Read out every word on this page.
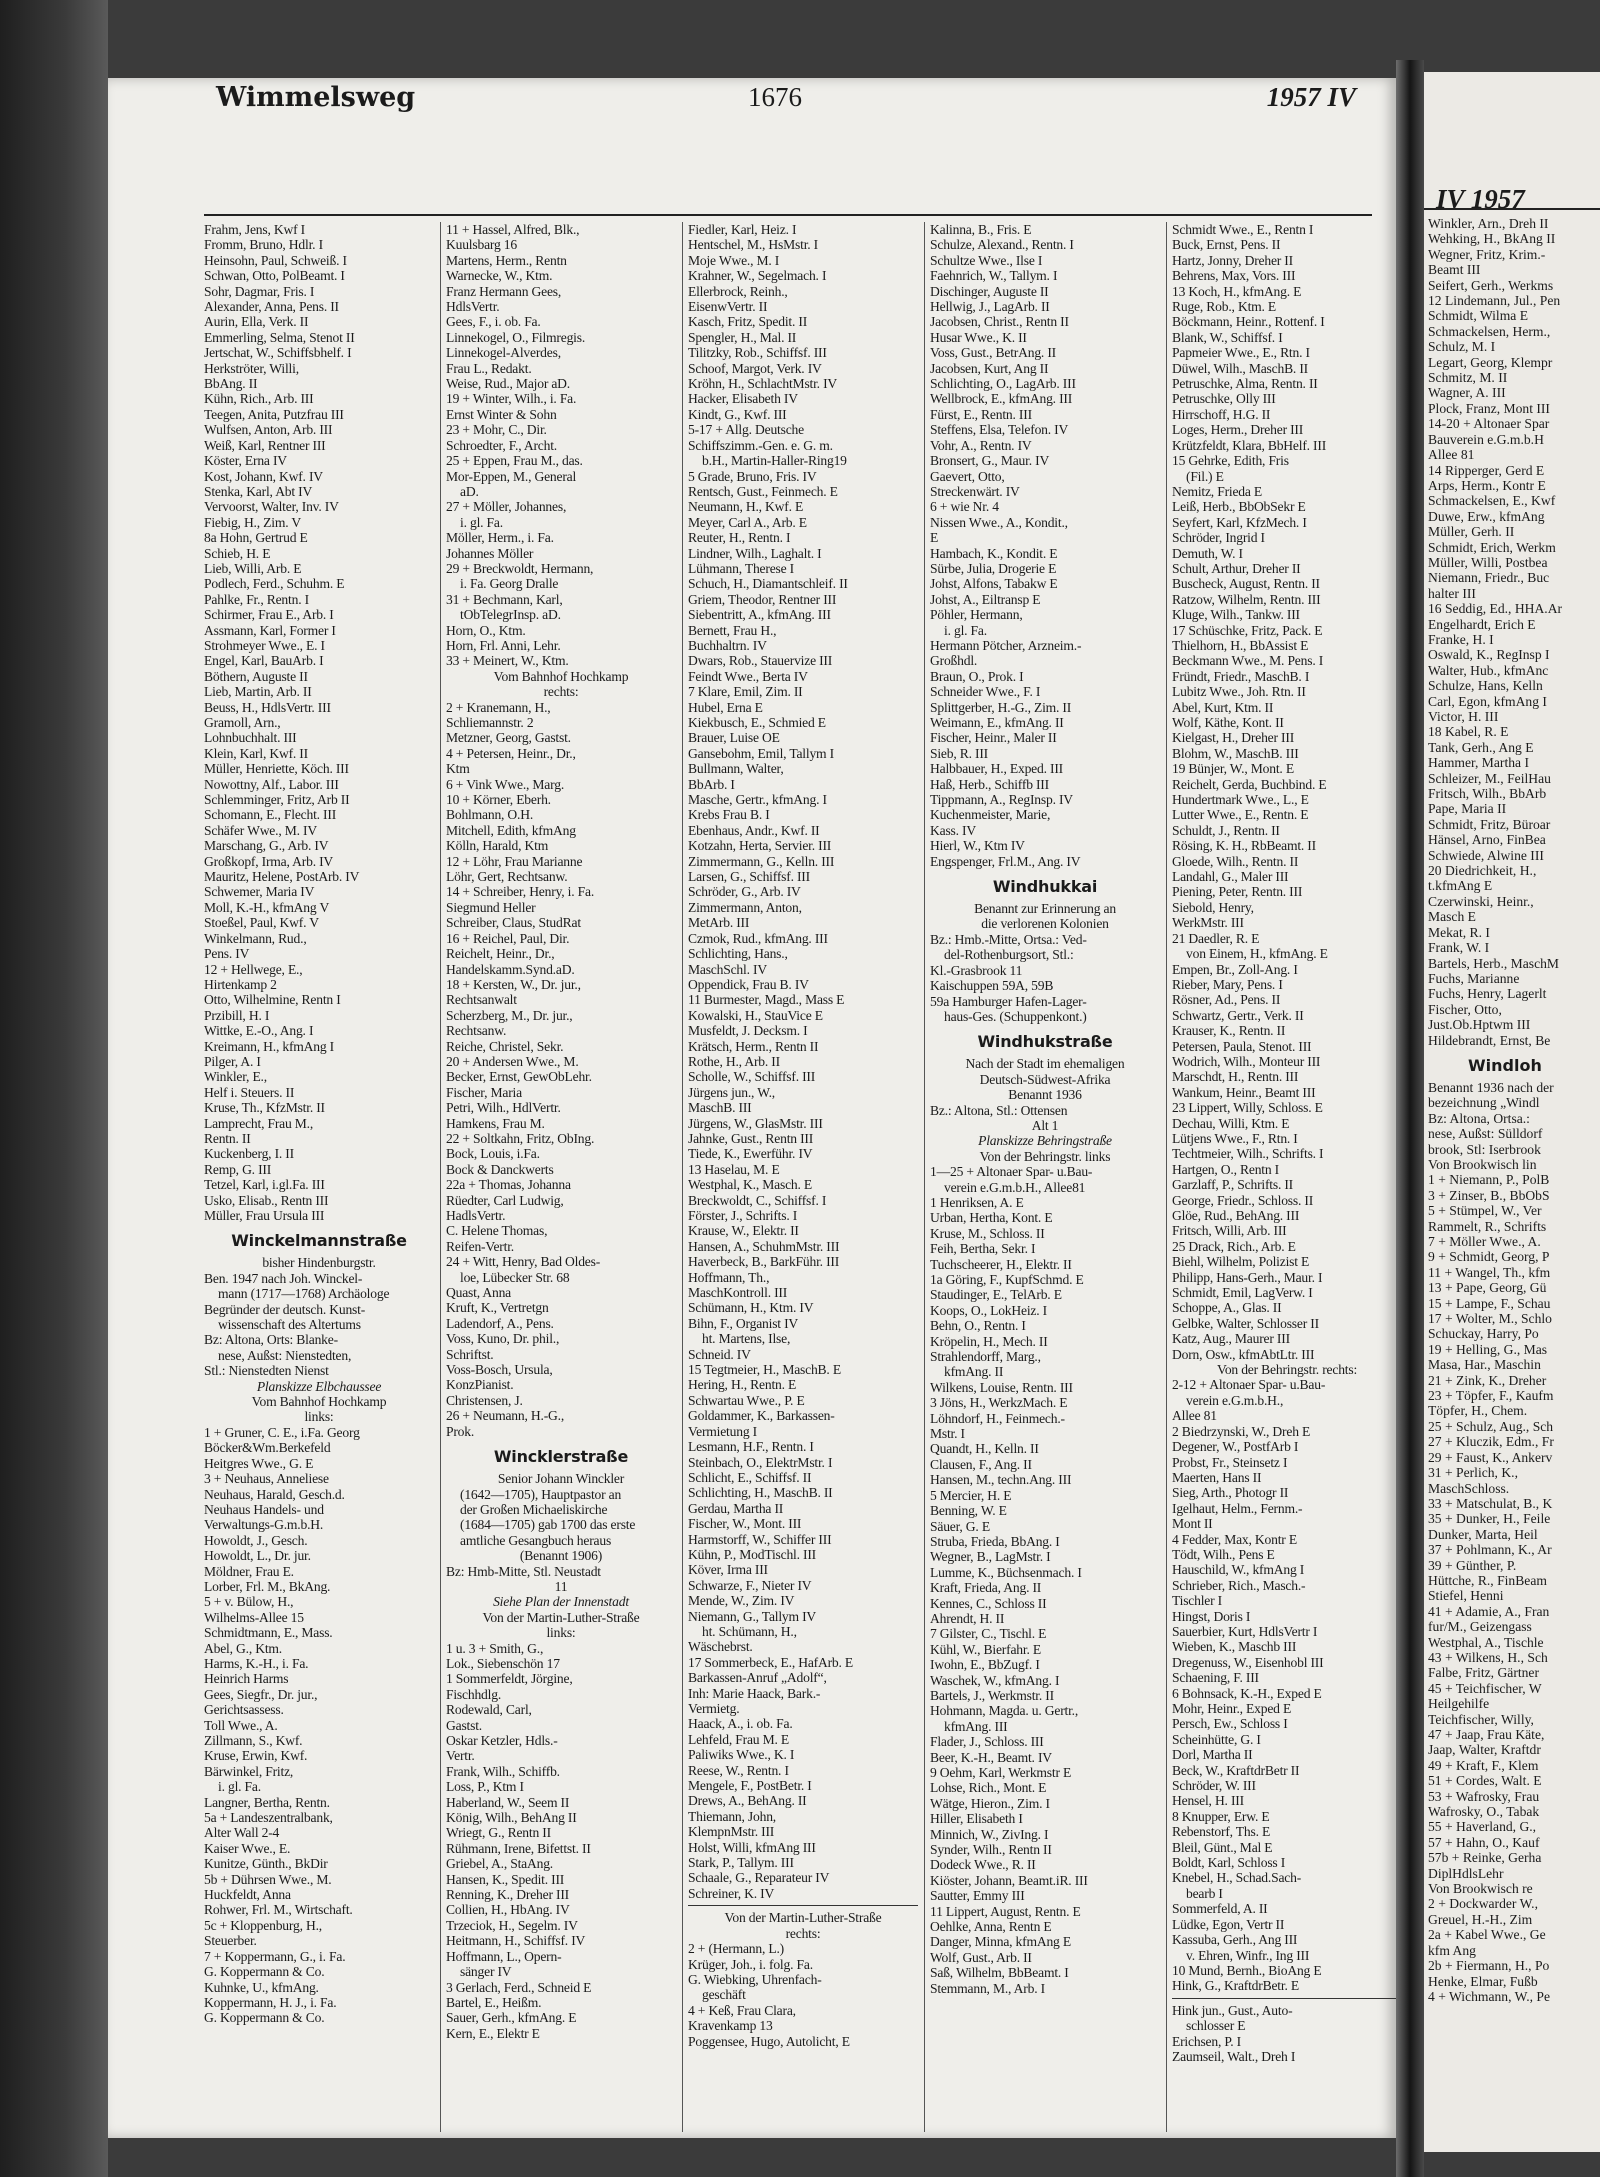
Wimmelsweg	1676	1957 IV
Frahm, Jens, Kwf I
Fromm, Bruno, Hdlr. I
Heinsohn, Paul, Schweiß. I
Schwan, Otto, PolBeamt. I
Sohr, Dagmar, Fris. I
Alexander, Anna, Pens. II
Aurin, Ella, Verk. II
Emmerling, Selma, Stenot II
Jertschat, W., Schiffsbhelf. I
Herkströter, Willi,
BbAng. II
Kühn, Rich., Arb. III
Teegen, Anita, Putzfrau III
Wulfsen, Anton, Arb. III
Weiß, Karl, Rentner III
Köster, Erna IV
Kost, Johann, Kwf. IV
Stenka, Karl, Abt IV
Vervoorst, Walter, Inv. IV
Fiebig, H., Zim. V
8a Hohn, Gertrud E
Schieb, H. E
Lieb, Willi, Arb. E
Podlech, Ferd., Schuhm. E
Pahlke, Fr., Rentn. I
Schirmer, Frau E., Arb. I
Assmann, Karl, Former I
Strohmeyer Wwe., E. I
Engel, Karl, BauArb. I
Böthern, Auguste II
Lieb, Martin, Arb. II
Beuss, H., HdlsVertr. III
Gramoll, Arn.,
Lohnbuchhalt. III
Klein, Karl, Kwf. II
Müller, Henriette, Köch. III
Nowottny, Alf., Labor. III
Schlemminger, Fritz, Arb II
Schomann, E., Flecht. III
Schäfer Wwe., M. IV
Marschang, G., Arb. IV
Großkopf, Irma, Arb. IV
Mauritz, Helene, PostArb. IV
Schwemer, Maria IV
Moll, K.-H., kfmAng V
Stoeßel, Paul, Kwf. V
Winkelmann, Rud.,
Pens. IV
12 + Hellwege, E.,
Hirtenkamp 2
Otto, Wilhelmine, Rentn I
Przibill, H. I
Wittke, E.-O., Ang. I
Kreimann, H., kfmAng I
Pilger, A. I
Winkler, E.,
Helf i. Steuers. II
Kruse, Th., KfzMstr. II
Lamprecht, Frau M.,
Rentn. II
Kuckenberg, I. II
Remp, G. III
Tetzel, Karl, i.gl.Fa. III
Usko, Elisab., Rentn III
Müller, Frau Ursula III
Winckelmannstraße
bisher Hindenburgstr.
Ben. 1947 nach Joh. Winckel-
mann (1717—1768) Archäologe
Begründer der deutsch. Kunst-
wissenschaft des Altertums
Bz: Altona, Orts: Blanke-
nese, Außst: Nienstedten,
Stl.: Nienstedten Nienst
Planskizze Elbchaussee
Vom Bahnhof Hochkamp
links:
1 + Gruner, C. E., i.Fa. Georg
Böcker&Wm.Berkefeld
Heitgres Wwe., G. E
3 + Neuhaus, Anneliese
Neuhaus, Harald, Gesch.d.
Neuhaus Handels- und
Verwaltungs-G.m.b.H.
Howoldt, J., Gesch.
Howoldt, L., Dr. jur.
Möldner, Frau E.
Lorber, Frl. M., BkAng.
5 + v. Bülow, H.,
Wilhelms-Allee 15
Schmidtmann, E., Mass.
Abel, G., Ktm.
Harms, K.-H., i. Fa.
Heinrich Harms
Gees, Siegfr., Dr. jur.,
Gerichtsassess.
Toll Wwe., A.
Zillmann, S., Kwf.
Kruse, Erwin, Kwf.
Bärwinkel, Fritz,
i. gl. Fa.
Langner, Bertha, Rentn.
5a + Landeszentralbank,
Alter Wall 2-4
Kaiser Wwe., E.
Kunitze, Günth., BkDir
5b + Dührsen Wwe., M.
Huckfeldt, Anna
Rohwer, Frl. M., Wirtschaft.
5c + Kloppenburg, H.,
Steuerber.
7 + Koppermann, G., i. Fa.
G. Koppermann & Co.
Kuhnke, U., kfmAng.
Koppermann, H. J., i. Fa.
G. Koppermann & Co.
11 + Hassel, Alfred, Blk.,
Kuulsbarg 16
Martens, Herm., Rentn
Warnecke, W., Ktm.
Franz Hermann Gees,
HdlsVertr.
Gees, F., i. ob. Fa.
Linnekogel, O., Filmregis.
Linnekogel-Alverdes,
Frau L., Redakt.
Weise, Rud., Major aD.
19 + Winter, Wilh., i. Fa.
Ernst Winter & Sohn
23 + Mohr, C., Dir.
Schroedter, F., Archt.
25 + Eppen, Frau M., das.
Mor-Eppen, M., General
aD.
27 + Möller, Johannes,
i. gl. Fa.
Möller, Herm., i. Fa.
Johannes Möller
29 + Breckwoldt, Hermann,
i. Fa. Georg Dralle
31 + Bechmann, Karl,
tObTelegrInsp. aD.
Horn, O., Ktm.
Horn, Frl. Anni, Lehr.
33 + Meinert, W., Ktm.
Vom Bahnhof Hochkamp
rechts:
2 + Kranemann, H.,
Schliemannstr. 2
Metzner, Georg, Gastst.
4 + Petersen, Heinr., Dr.,
Ktm
6 + Vink Wwe., Marg.
10 + Körner, Eberh.
Bohlmann, O.H.
Mitchell, Edith, kfmAng
Kölln, Harald, Ktm
12 + Löhr, Frau Marianne
Löhr, Gert, Rechtsanw.
14 + Schreiber, Henry, i. Fa.
Siegmund Heller
Schreiber, Claus, StudRat
16 + Reichel, Paul, Dir.
Reichelt, Heinr., Dr.,
Handelskamm.Synd.aD.
18 + Kersten, W., Dr. jur.,
Rechtsanwalt
Scherzberg, M., Dr. jur.,
Rechtsanw.
Reiche, Christel, Sekr.
20 + Andersen Wwe., M.
Becker, Ernst, GewObLehr.
Fischer, Maria
Petri, Wilh., HdlVertr.
Hamkens, Frau M.
22 + Soltkahn, Fritz, ObIng.
Bock, Louis, i.Fa.
Bock & Danckwerts
22a + Thomas, Johanna
Rüedter, Carl Ludwig,
HadlsVertr.
C. Helene Thomas,
Reifen-Vertr.
24 + Witt, Henry, Bad Oldes-
loe, Lübecker Str. 68
Quast, Anna
Kruft, K., Vertretgn
Ladendorf, A., Pens.
Voss, Kuno, Dr. phil.,
Schriftst.
Voss-Bosch, Ursula,
KonzPianist.
Christensen, J.
26 + Neumann, H.-G.,
Prok.
Wincklerstraße
Senior Johann Winckler
(1642—1705), Hauptpastor an
der Großen Michaeliskirche
(1684—1705) gab 1700 das erste
amtliche Gesangbuch heraus
(Benannt 1906)
Bz: Hmb-Mitte, Stl. Neustadt
11
Siehe Plan der Innenstadt
Von der Martin-Luther-Straße
links:
1 u. 3 + Smith, G.,
Lok., Siebenschön 17
1 Sommerfeldt, Jörgine,
Fischhdlg.
Rodewald, Carl,
Gastst.
Oskar Ketzler, Hdls.-
Vertr.
Frank, Wilh., Schiffb.
Loss, P., Ktm I
Haberland, W., Seem II
König, Wilh., BehAng II
Wriegt, G., Rentn II
Rühmann, Irene, Bifettst. II
Griebel, A., StaAng.
Hansen, K., Spedit. III
Renning, K., Dreher III
Collien, H., HbAng. IV
Trzeciok, H., Segelm. IV
Heitmann, H., Schiffsf. IV
Hoffmann, L., Opern-
sänger IV
3 Gerlach, Ferd., Schneid E
Bartel, E., Heißm.
Sauer, Gerh., kfmAng. E
Kern, E., Elektr E
Fiedler, Karl, Heiz. I
Hentschel, M., HsMstr. I
Moje Wwe., M. I
Krahner, W., Segelmach. I
Ellerbrock, Reinh.,
EisenwVertr. II
Kasch, Fritz, Spedit. II
Spengler, H., Mal. II
Tilitzky, Rob., Schiffsf. III
Schoof, Margot, Verk. IV
Kröhn, H., SchlachtMstr. IV
Hacker, Elisabeth IV
Kindt, G., Kwf. III
5-17 + Allg. Deutsche
Schiffszimm.-Gen. e. G. m.
b.H., Martin-Haller-Ring19
5 Grade, Bruno, Fris. IV
Rentsch, Gust., Feinmech. E
Neumann, H., Kwf. E
Meyer, Carl A., Arb. E
Reuter, H., Rentn. I
Lindner, Wilh., Laghalt. I
Lühmann, Therese I
Schuch, H., Diamantschleif. II
Griem, Theodor, Rentner III
Siebentritt, A., kfmAng. III
Bernett, Frau H.,
Buchhaltrn. IV
Dwars, Rob., Stauervize III
Feindt Wwe., Berta IV
7 Klare, Emil, Zim. II
Hubel, Erna E
Kiekbusch, E., Schmied E
Brauer, Luise OE
Gansebohm, Emil, Tallym I
Bullmann, Walter,
BbArb. I
Masche, Gertr., kfmAng. I
Krebs Frau B. I
Ebenhaus, Andr., Kwf. II
Kotzahn, Herta, Servier. III
Zimmermann, G., Kelln. III
Larsen, G., Schiffsf. III
Schröder, G., Arb. IV
Zimmermann, Anton,
MetArb. III
Czmok, Rud., kfmAng. III
Schlichting, Hans.,
MaschSchl. IV
Oppendick, Frau B. IV
11 Burmester, Magd., Mass E
Kowalski, H., StauVice E
Musfeldt, J. Decksm. I
Krätsch, Herm., Rentn II
Rothe, H., Arb. II
Scholle, W., Schiffsf. III
Jürgens jun., W.,
MaschB. III
Jürgens, W., GlasMstr. III
Jahnke, Gust., Rentn III
Tiede, K., Ewerführ. IV
13 Haselau, M. E
Westphal, K., Masch. E
Breckwoldt, C., Schiffsf. I
Förster, J., Schrifts. I
Krause, W., Elektr. II
Hansen, A., SchuhmMstr. III
Haverbeck, B., BarkFühr. III
Hoffmann, Th.,
MaschKontroll. III
Schümann, H., Ktm. IV
Bihn, F., Organist IV
ht. Martens, Ilse,
Schneid. IV
15 Tegtmeier, H., MaschB. E
Hering, H., Rentn. E
Schwartau Wwe., P. E
Goldammer, K., Barkassen-
Vermietung I
Lesmann, H.F., Rentn. I
Steinbach, O., ElektrMstr. I
Schlicht, E., Schiffsf. II
Schlichting, H., MaschB. II
Gerdau, Martha II
Fischer, W., Mont. III
Harmstorff, W., Schiffer III
Kühn, P., ModTischl. III
Köver, Irma III
Schwarze, F., Nieter IV
Mende, W., Zim. IV
Niemann, G., Tallym IV
ht. Schümann, H.,
Wäschebrst.
17 Sommerbeck, E., HafArb. E
Barkassen-Anruf „Adolf“,
Inh: Marie Haack, Bark.-
Vermietg.
Haack, A., i. ob. Fa.
Lehfeld, Frau M. E
Paliwiks Wwe., K. I
Reese, W., Rentn. I
Mengele, F., PostBetr. I
Drews, A., BehAng. II
Thiemann, John,
KlempnMstr. III
Holst, Willi, kfmAng III
Stark, P., Tallym. III
Schaale, G., Reparateur IV
Schreiner, K. IV
Von der Martin-Luther-Straße
rechts:
2 + (Hermann, L.)
Krüger, Joh., i. folg. Fa.
G. Wiebking, Uhrenfach-
geschäft
4 + Keß, Frau Clara,
Kravenkamp 13
Poggensee, Hugo, Autolicht, E
Kalinna, B., Fris. E
Schulze, Alexand., Rentn. I
Schultze Wwe., Ilse I
Faehnrich, W., Tallym. I
Dischinger, Auguste II
Hellwig, J., LagArb. II
Jacobsen, Christ., Rentn II
Husar Wwe., K. II
Voss, Gust., BetrAng. II
Jacobsen, Kurt, Ang II
Schlichting, O., LagArb. III
Wellbrock, E., kfmAng. III
Fürst, E., Rentn. III
Steffens, Elsa, Telefon. IV
Vohr, A., Rentn. IV
Bronsert, G., Maur. IV
Gaevert, Otto,
Streckenwärt. IV
6 + wie Nr. 4
Nissen Wwe., A., Kondit.,
E
Hambach, K., Kondit. E
Sürbe, Julia, Drogerie E
Johst, Alfons, Tabakw E
Johst, A., Eiltransp E
Pöhler, Hermann,
i. gl. Fa.
Hermann Pötcher, Arzneim.-
Großhdl.
Braun, O., Prok. I
Schneider Wwe., F. I
Splittgerber, H.-G., Zim. II
Weimann, E., kfmAng. II
Fischer, Heinr., Maler II
Sieb, R. III
Halbbauer, H., Exped. III
Haß, Herb., Schiffb III
Tippmann, A., RegInsp. IV
Kuchenmeister, Marie,
Kass. IV
Hierl, W., Ktm IV
Engspenger, Frl.M., Ang. IV
Windhukkai
Benannt zur Erinnerung an
die verlorenen Kolonien
Bz.: Hmb.-Mitte, Ortsa.: Ved-
del-Rothenburgsort, Stl.:
Kl.-Grasbrook 11
Kaischuppen 59A, 59B
59a Hamburger Hafen-Lager-
haus-Ges. (Schuppenkont.)
Windhukstraße
Nach der Stadt im ehemaligen
Deutsch-Südwest-Afrika
Benannt 1936
Bz.: Altona, Stl.: Ottensen
Alt 1
Planskizze Behringstraße
Von der Behringstr. links
1—25 + Altonaer Spar- u.Bau-
verein e.G.m.b.H., Allee81
1 Henriksen, A. E
Urban, Hertha, Kont. E
Kruse, M., Schloss. II
Feih, Bertha, Sekr. I
Tuchscheerer, H., Elektr. II
1a Göring, F., KupfSchmd. E
Staudinger, E., TelArb. E
Koops, O., LokHeiz. I
Behn, O., Rentn. I
Kröpelin, H., Mech. II
Strahlendorff, Marg.,
kfmAng. II
Wilkens, Louise, Rentn. III
3 Jöns, H., WerkzMach. E
Löhndorf, H., Feinmech.-
Mstr. I
Quandt, H., Kelln. II
Clausen, F., Ang. II
Hansen, M., techn.Ang. III
5 Mercier, H. E
Benning, W. E
Säuer, G. E
Struba, Frieda, BbAng. I
Wegner, B., LagMstr. I
Lumme, K., Büchsenmach. I
Kraft, Frieda, Ang. II
Kennes, C., Schloss II
Ahrendt, H. II
7 Gilster, C., Tischl. E
Kühl, W., Bierfahr. E
Iwohn, E., BbZugf. I
Waschek, W., kfmAng. I
Bartels, J., Werkmstr. II
Hohmann, Magda. u. Gertr.,
kfmAng. III
Flader, J., Schloss. III
Beer, K.-H., Beamt. IV
9 Oehm, Karl, Werkmstr E
Lohse, Rich., Mont. E
Wätge, Hieron., Zim. I
Hiller, Elisabeth I
Minnich, W., ZivIng. I
Synder, Wilh., Rentn II
Dodeck Wwe., R. II
Kiöster, Johann, Beamt.iR. III
Sautter, Emmy III
11 Lippert, August, Rentn. E
Oehlke, Anna, Rentn E
Danger, Minna, kfmAng E
Wolf, Gust., Arb. II
Saß, Wilhelm, BbBeamt. I
Stemmann, M., Arb. I
Schmidt Wwe., E., Rentn I
Buck, Ernst, Pens. II
Hartz, Jonny, Dreher II
Behrens, Max, Vors. III
13 Koch, H., kfmAng. E
Ruge, Rob., Ktm. E
Böckmann, Heinr., Rottenf. I
Blank, W., Schiffsf. I
Papmeier Wwe., E., Rtn. I
Düwel, Wilh., MaschB. II
Petruschke, Alma, Rentn. II
Petruschke, Olly III
Hirrschoff, H.G. II
Loges, Herm., Dreher III
Krützfeldt, Klara, BbHelf. III
15 Gehrke, Edith, Fris
(Fil.) E
Nemitz, Frieda E
Leiß, Herb., BbObSekr E
Seyfert, Karl, KfzMech. I
Schröder, Ingrid I
Demuth, W. I
Schult, Arthur, Dreher II
Buscheck, August, Rentn. II
Ratzow, Wilhelm, Rentn. III
Kluge, Wilh., Tankw. III
17 Schüschke, Fritz, Pack. E
Thielhorn, H., BbAssist E
Beckmann Wwe., M. Pens. I
Fründt, Friedr., MaschB. I
Lubitz Wwe., Joh. Rtn. II
Abel, Kurt, Ktm. II
Wolf, Käthe, Kont. II
Kielgast, H., Dreher III
Blohm, W., MaschB. III
19 Bünjer, W., Mont. E
Reichelt, Gerda, Buchbind. E
Hundertmark Wwe., L., E
Lutter Wwe., E., Rentn. E
Schuldt, J., Rentn. II
Rösing, K. H., RbBeamt. II
Gloede, Wilh., Rentn. II
Landahl, G., Maler III
Piening, Peter, Rentn. III
Siebold, Henry,
WerkMstr. III
21 Daedler, R. E
von Einem, H., kfmAng. E
Empen, Br., Zoll-Ang. I
Rieber, Mary, Pens. I
Rösner, Ad., Pens. II
Schwartz, Gertr., Verk. II
Krauser, K., Rentn. II
Petersen, Paula, Stenot. III
Wodrich, Wilh., Monteur III
Marschdt, H., Rentn. III
Wankum, Heinr., Beamt III
23 Lippert, Willy, Schloss. E
Dechau, Willi, Ktm. E
Lütjens Wwe., F., Rtn. I
Techtmeier, Wilh., Schrifts. I
Hartgen, O., Rentn I
Garzlaff, P., Schrifts. II
George, Friedr., Schloss. II
Glöe, Rud., BehAng. III
Fritsch, Willi, Arb. III
25 Drack, Rich., Arb. E
Biehl, Wilhelm, Polizist E
Philipp, Hans-Gerh., Maur. I
Schmidt, Emil, LagVerw. I
Schoppe, A., Glas. II
Gelbke, Walter, Schlosser II
Katz, Aug., Maurer III
Dorn, Osw., kfmAbtLtr. III
Von der Behringstr. rechts:
2-12 + Altonaer Spar- u.Bau-
verein e.G.m.b.H.,
Allee 81
2 Biedrzynski, W., Dreh E
Degener, W., PostfArb I
Probst, Fr., Steinsetz I
Maerten, Hans II
Sieg, Arth., Photogr II
Igelhaut, Helm., Fernm.-
Mont II
4 Fedder, Max, Kontr E
Tödt, Wilh., Pens E
Hauschild, W., kfmAng I
Schrieber, Rich., Masch.-
Tischler I
Hingst, Doris I
Sauerbier, Kurt, HdlsVertr I
Wieben, K., Maschb III
Dregenuss, W., Eisenhobl III
Schaening, F. III
6 Bohnsack, K.-H., Exped E
Mohr, Heinr., Exped E
Persch, Ew., Schloss I
Scheinhütte, G. I
Dorl, Martha II
Beck, W., KraftdrBetr II
Schröder, W. III
Hensel, H. III
8 Knupper, Erw. E
Rebenstorf, Ths. E
Bleil, Günt., Mal E
Boldt, Karl, Schloss I
Knebel, H., Schad.Sach-
bearb I
Sommerfeld, A. II
Lüdke, Egon, Vertr II
Kassuba, Gerh., Ang III
v. Ehren, Winfr., Ing III
10 Mund, Bernh., BioAng E
Hink, G., KraftdrBetr. E
Hink jun., Gust., Auto-
schlosser E
Erichsen, P. I
Zaumseil, Walt., Dreh I
IV 1957
Winkler, Arn., Dreh II
Wehking, H., BkAng II
Wegner, Fritz, Krim.-
Beamt III
Seifert, Gerh., Werkms
12 Lindemann, Jul., Pen
Schmidt, Wilma E
Schmackelsen, Herm.,
Schulz, M. I
Legart, Georg, Klempr
Schmitz, M. II
Wagner, A. III
Plock, Franz, Mont III
14-20 + Altonaer Spar
Bauverein e.G.m.b.H
Allee 81
14 Ripperger, Gerd E
Arps, Herm., Kontr E
Schmackelsen, E., Kwf
Duwe, Erw., kfmAng
Müller, Gerh. II
Schmidt, Erich, Werkm
Müller, Willi, Postbea
Niemann, Friedr., Buc
halter III
16 Seddig, Ed., HHA.Ar
Engelhardt, Erich E
Franke, H. I
Oswald, K., RegInsp I
Walter, Hub., kfmAnc
Schulze, Hans, Kelln
Carl, Egon, kfmAng I
Victor, H. III
18 Kabel, R. E
Tank, Gerh., Ang E
Hammer, Martha I
Schleizer, M., FeilHau
Fritsch, Wilh., BbArb
Pape, Maria II
Schmidt, Fritz, Büroar
Hänsel, Arno, FinBea
Schwiede, Alwine III
20 Diedrichkeit, H.,
t.kfmAng E
Czerwinski, Heinr.,
Masch E
Mekat, R. I
Frank, W. I
Bartels, Herb., MaschM
Fuchs, Marianne
Fuchs, Henry, Lagerlt
Fischer, Otto,
Just.Ob.Hptwm III
Hildebrandt, Ernst, Be
Windloh
Benannt 1936 nach der
bezeichnung „Windl
Bz: Altona, Ortsa.:
nese, Außst: Sülldorf
brook, Stl: Iserbrook
Von Brookwisch lin
1 + Niemann, P., PolB
3 + Zinser, B., BbObS
5 + Stümpel, W., Ver
Rammelt, R., Schrifts
7 + Möller Wwe., A.
9 + Schmidt, Georg, P
11 + Wangel, Th., kfm
13 + Pape, Georg, Gü
15 + Lampe, F., Schau
17 + Wolter, M., Schlo
Schuckay, Harry, Po
19 + Helling, G., Mas
Masa, Har., Maschin
21 + Zink, K., Dreher
23 + Töpfer, F., Kaufm
Töpfer, H., Chem.
25 + Schulz, Aug., Sch
27 + Kluczik, Edm., Fr
29 + Faust, K., Ankerv
31 + Perlich, K.,
MaschSchloss.
33 + Matschulat, B., K
35 + Dunker, H., Feile
Dunker, Marta, Heil
37 + Pohlmann, K., Ar
39 + Günther, P.
Hüttche, R., FinBeam
Stiefel, Henni
41 + Adamie, A., Fran
fur/M., Geizengass
Westphal, A., Tischle
43 + Wilkens, H., Sch
Falbe, Fritz, Gärtner
45 + Teichfischer, W
Heilgehilfe
Teichfischer, Willy,
47 + Jaap, Frau Käte,
Jaap, Walter, Kraftdr
49 + Kraft, F., Klem
51 + Cordes, Walt. E
53 + Wafrosky, Frau
Wafrosky, O., Tabak
55 + Haverland, G.,
57 + Hahn, O., Kauf
57b + Reinke, Gerha
DiplHdlsLehr
Von Brookwisch re
2 + Dockwarder W.,
Greuel, H.-H., Zim
2a + Kabel Wwe., Ge
kfm Ang
2b + Fiermann, H., Po
Henke, Elmar, Fußb
4 + Wichmann, W., Pe
